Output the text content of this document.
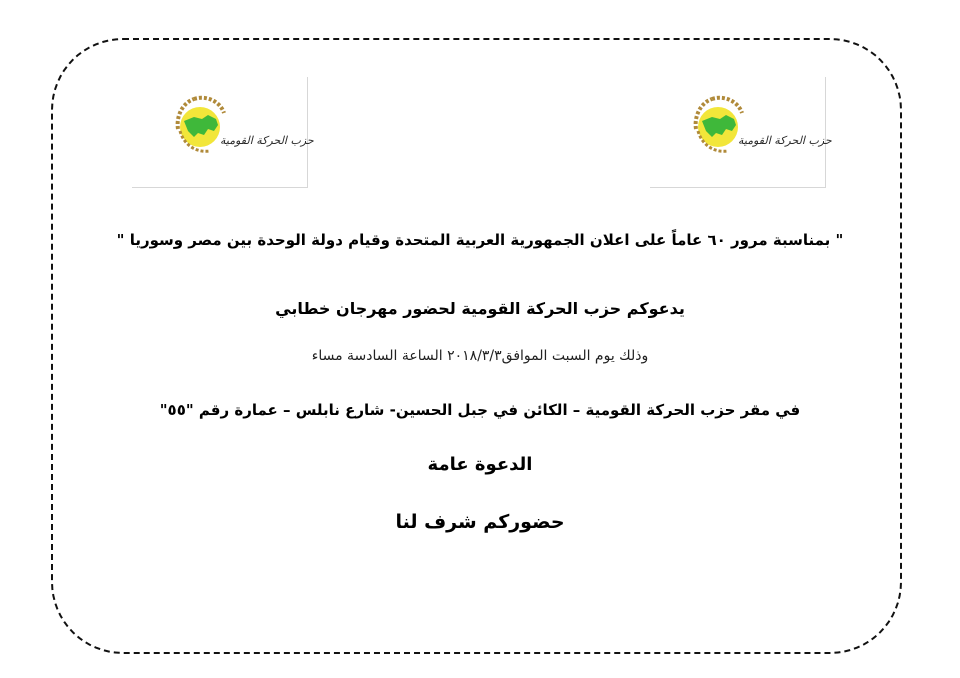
حزب الحركة القومية	حزب الحركة القومية
" بمناسبة مرور ٦٠ عاماً على اعلان الجمهورية العربية المتحدة وقيام دولة الوحدة بين مصر وسوريا "
يدعوكم حزب الحركة القومية لحضور مهرجان خطابي
وذلك يوم السبت الموافق٢٠١٨/٣/٣ الساعة السادسة مساء
في مقر حزب الحركة القومية – الكائن في جبل الحسين- شارع نابلس – عمارة رقم "٥٥"
الدعوة عامة
حضوركم شرف لنا
